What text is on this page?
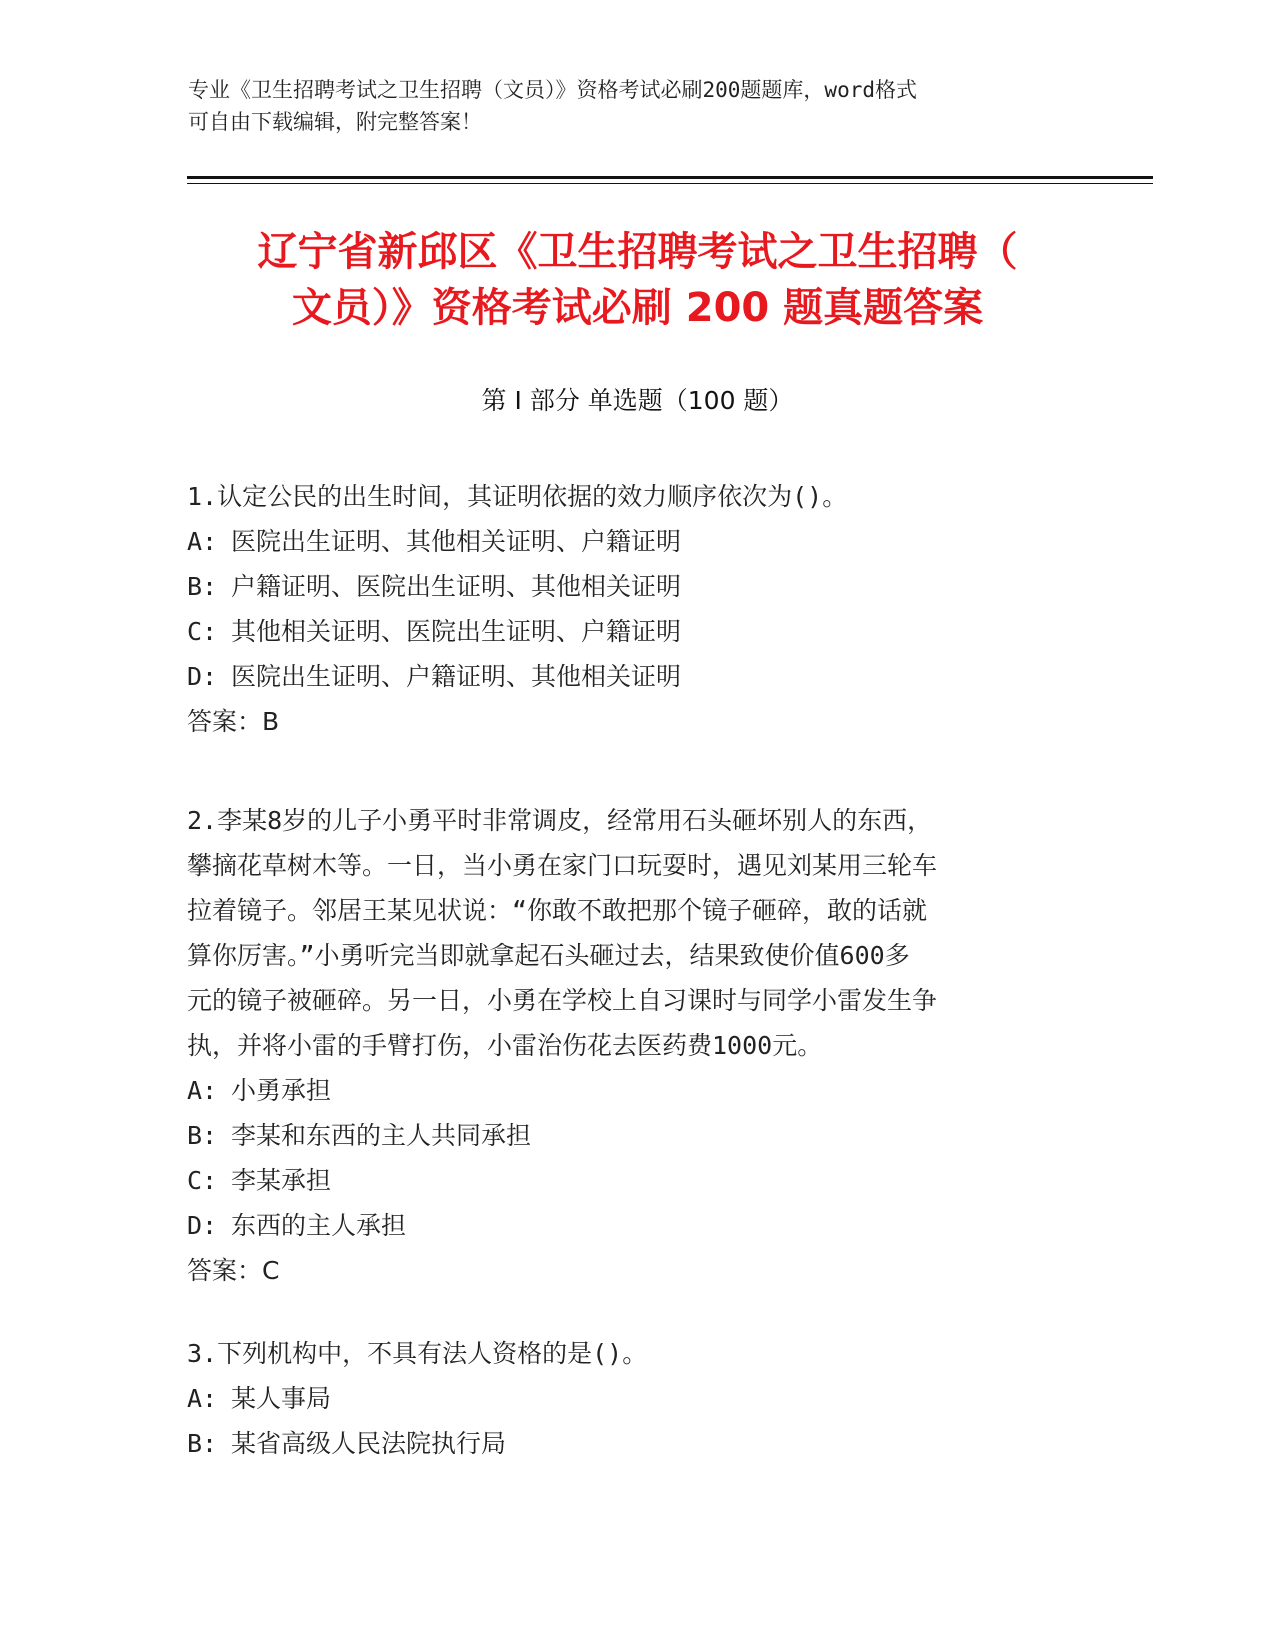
专业《卫生招聘考试之卫生招聘（文员）》资格考试必刷200题题库，word格式
可自由下载编辑，附完整答案！
辽宁省新邱区《卫生招聘考试之卫生招聘（
文员）》资格考试必刷 200 题真题答案
第 I 部分 单选题（100 题）
1.认定公民的出生时间，其证明依据的效力顺序依次为()。
A: 医院出生证明、其他相关证明、户籍证明
B: 户籍证明、医院出生证明、其他相关证明
C: 其他相关证明、医院出生证明、户籍证明
D: 医院出生证明、户籍证明、其他相关证明
答案：B
2.李某8岁的儿子小勇平时非常调皮，经常用石头砸坏别人的东西，
攀摘花草树木等。一日，当小勇在家门口玩耍时，遇见刘某用三轮车
拉着镜子。邻居王某见状说：“你敢不敢把那个镜子砸碎，敢的话就
算你厉害。”小勇听完当即就拿起石头砸过去，结果致使价值600多
元的镜子被砸碎。另一日，小勇在学校上自习课时与同学小雷发生争
执，并将小雷的手臂打伤，小雷治伤花去医药费1000元。
A: 小勇承担
B: 李某和东西的主人共同承担
C: 李某承担
D: 东西的主人承担
答案：C
3.下列机构中，不具有法人资格的是()。
A: 某人事局
B: 某省高级人民法院执行局
